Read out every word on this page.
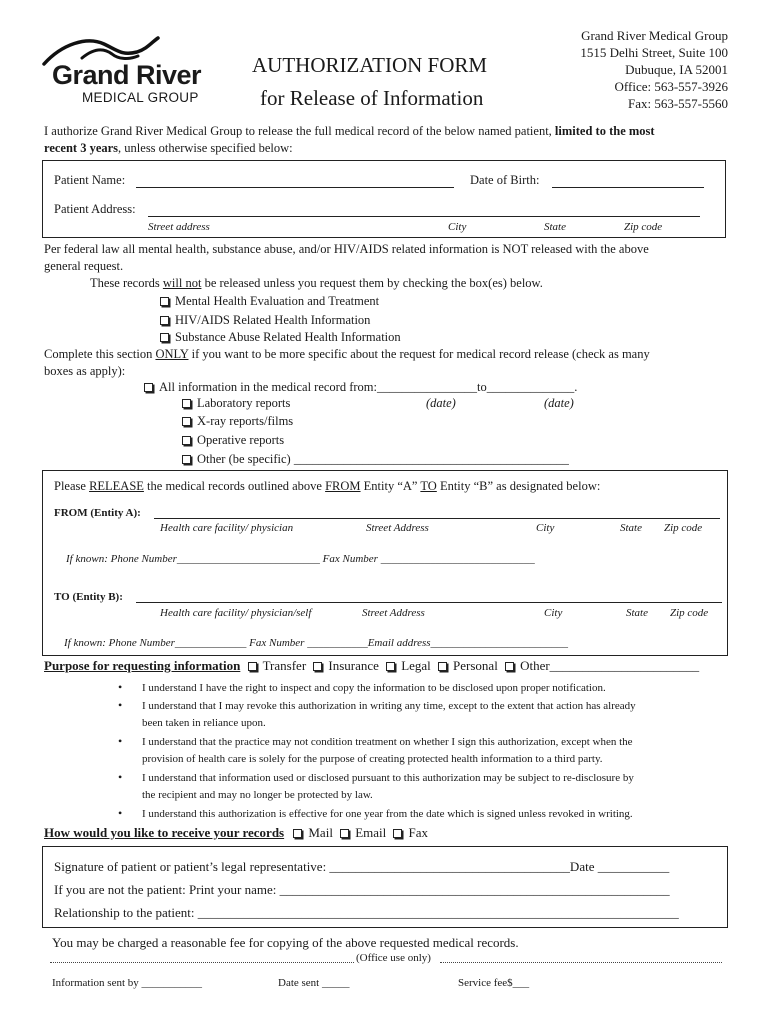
Grand River
MEDICAL GROUP
AUTHORIZATION FORM
for Release of Information
Grand River Medical Group
1515 Delhi Street, Suite 100
Dubuque, IA 52001
Office: 563-557-3926
Fax: 563-557-5560
I authorize Grand River Medical Group to release the full medical record of the below named patient, limited to the most
recent 3 years, unless otherwise specified below:
Patient Name:	Date of Birth:
Patient Address:
Street address	City	State	Zip code
Per federal law all mental health, substance abuse, and/or HIV/AIDS related information is NOT released with the above
general request.
These records will not be released unless you request them by checking the box(es) below.
Mental Health Evaluation and Treatment
HIV/AIDS Related Health Information
Substance Abuse Related Health Information
Complete this section ONLY if you want to be more specific about the request for medical record release (check as many
boxes as apply):
All information in the medical record from:________________to______________.
(date)	(date)
Laboratory reports
X-ray reports/films
Operative reports
Other (be specific) ____________________________________________
Please RELEASE the medical records outlined above FROM Entity “A” TO Entity “B” as designated below:
FROM (Entity A):
Health care facility/ physician	Street Address	City	State Zip code
If known: Phone Number__________________________ Fax Number ____________________________
TO (Entity B):
Health care facility/ physician/self	Street Address	City	State Zip code
If known: Phone Number_____________ Fax Number ___________Email address_________________________
Purpose for requesting information Transfer Insurance Legal Personal Other_______________________
• I understand I have the right to inspect and copy the information to be disclosed upon proper notification.
• I understand that I may revoke this authorization in writing any time, except to the extent that action has already
been taken in reliance upon.
• I understand that the practice may not condition treatment on whether I sign this authorization, except when the
provision of health care is solely for the purpose of creating protected health information to a third party.
• I understand that information used or disclosed pursuant to this authorization may be subject to re-disclosure by
the recipient and may no longer be protected by law.
• I understand this authorization is effective for one year from the date which is signed unless revoked in writing.
How would you like to receive your records Mail Email Fax
Signature of patient or patient’s legal representative: _____________________________________Date ___________
If you are not the patient: Print your name: ____________________________________________________________
Relationship to the patient: __________________________________________________________________________
You may be charged a reasonable fee for copying of the above requested medical records.
(Office use only)
Information sent by ___________	Date sent _____	Service fee$___
